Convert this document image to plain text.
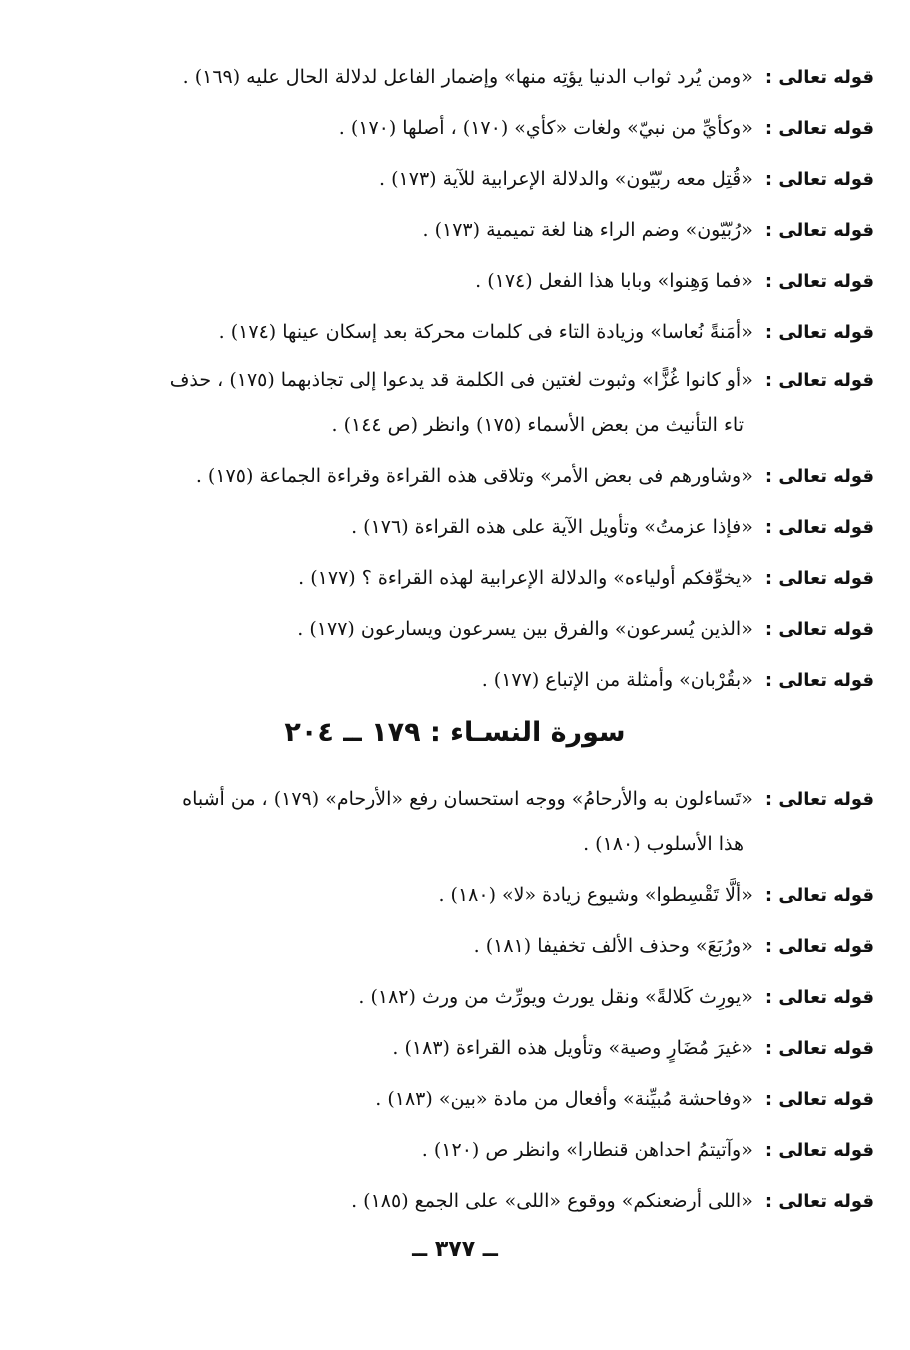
قوله تعالى : «ومن يُرد ثواب الدنيا يؤتِه منها» وإضمار الفاعل لدلالة الحال عليه (١٦٩) .
قوله تعالى : «وكأيِّ من نبيّ» ولغات «كأي» (١٧٠) ، أصلها (١٧٠) .
قوله تعالى : «قُتِل معه ربّيّون» والدلالة الإعرابية للآية (١٧٣) .
قوله تعالى : «رُبّيّون» وضم الراء هنا لغة تميمية (١٧٣) .
قوله تعالى : «فما وَهِنوا» وبابا هذا الفعل (١٧٤) .
قوله تعالى : «أمَنةً نُعاسا» وزيادة التاء فى كلمات محركة بعد إسكان عينها (١٧٤) .
قوله تعالى : «أو كانوا غُزًّا» وثبوت لغتين فى الكلمة قد يدعوا إلى تجاذبهما (١٧٥) ، حذف
تاء التأنيث من بعض الأسماء (١٧٥) وانظر (ص ١٤٤) .
قوله تعالى : «وشاورهم فى بعض الأمر» وتلاقى هذه القراءة وقراءة الجماعة (١٧٥) .
قوله تعالى : «فإذا عزمتُ» وتأويل الآية على هذه القراءة (١٧٦) .
قوله تعالى : «يخوِّفكم أولياءه» والدلالة الإعرابية لهذه القراءة ؟ (١٧٧) .
قوله تعالى : «الذين يُسرعون» والفرق بين يسرعون ويسارعون (١٧٧) .
قوله تعالى : «بقُرْبان» وأمثلة من الإتباع (١٧٧) .
سورة النسـاء : ١٧٩ ــ ٢٠٤
قوله تعالى : «تَساءلون به والأرحامُ» ووجه استحسان رفع «الأرحام» (١٧٩) ، من أشباه
هذا الأسلوب (١٨٠) .
قوله تعالى : «ألَّا تَقْسِطوا» وشيوع زيادة «لا» (١٨٠) .
قوله تعالى : «ورُبَعَ» وحذف الألف تخفيفا (١٨١) .
قوله تعالى : «يورِث كَلالةً» ونقل يورث ويورِّث من ورث (١٨٢) .
قوله تعالى : «غيرَ مُضَارٍ وصية» وتأويل هذه القراءة (١٨٣) .
قوله تعالى : «وفاحشة مُبيِّنة» وأفعال من مادة «بين» (١٨٣) .
قوله تعالى : «وآتيتمُ احداهن قنطارا» وانظر ص (١٢٠) .
قوله تعالى : «اللى أرضعنكم» ووقوع «اللى» على الجمع (١٨٥) .
ــ ٣٧٧ ــ
